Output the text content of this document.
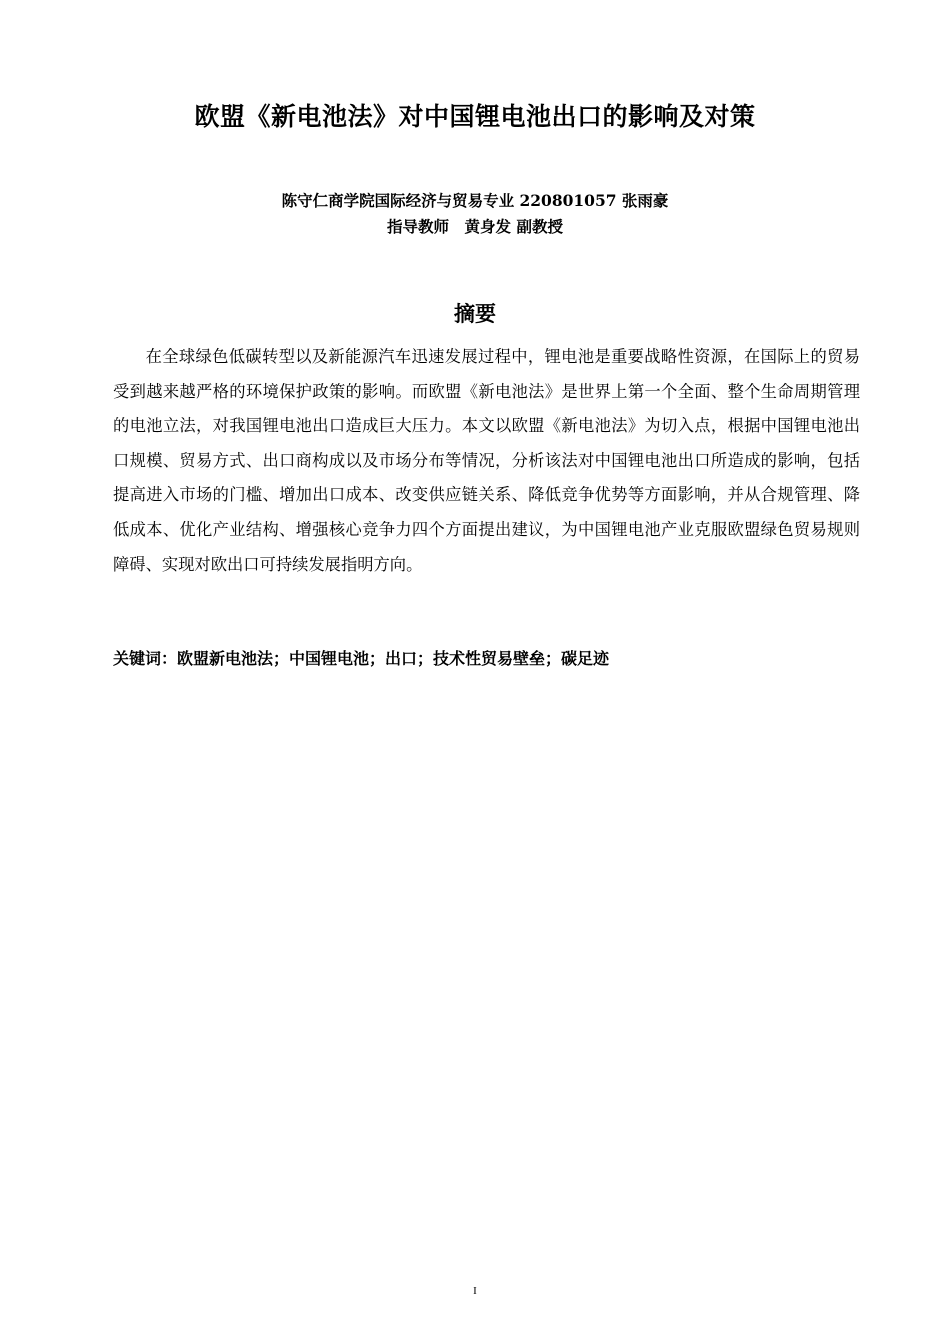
欧盟《新电池法》对中国锂电池出口的影响及对策
陈守仁商学院国际经济与贸易专业 220801057 张雨豪
指导教师　黄身发 副教授
摘要

在全球绿色低碳转型以及新能源汽车迅速发展过程中，锂电池是重要战略性资源，在国际上的贸易受到越来越严格的环境保护政策的影响。而欧盟《新电池法》是世界上第一个全面、整个生命周期管理的电池立法，对我国锂电池出口造成巨大压力。本文以欧盟《新电池法》为切入点，根据中国锂电池出口规模、贸易方式、出口商构成以及市场分布等情况，分析该法对中国锂电池出口所造成的影响，包括提高进入市场的门槛、增加出口成本、改变供应链关系、降低竞争优势等方面影响，并从合规管理、降低成本、优化产业结构、增强核心竞争力四个方面提出建议，为中国锂电池产业克服欧盟绿色贸易规则障碍、实现对欧出口可持续发展指明方向。

关键词：欧盟新电池法；中国锂电池；出口；技术性贸易壁垒；碳足迹

I
